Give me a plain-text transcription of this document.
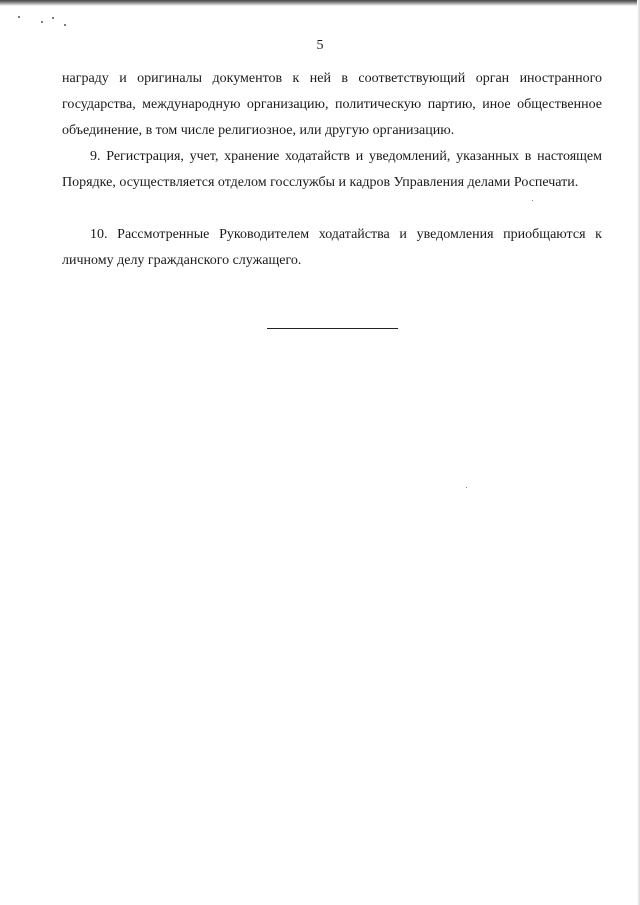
5

награду и оригиналы документов к ней в соответствующий орган иностранного государства, международную организацию, политическую партию, иное общественное объединение, в том числе религиозное, или другую организацию.

9. Регистрация, учет, хранение ходатайств и уведомлений, указанных в настоящем Порядке, осуществляется отделом госслужбы и кадров Управления делами Роспечати.

10. Рассмотренные Руководителем ходатайства и уведомления приобщаются к личному делу гражданского служащего.
